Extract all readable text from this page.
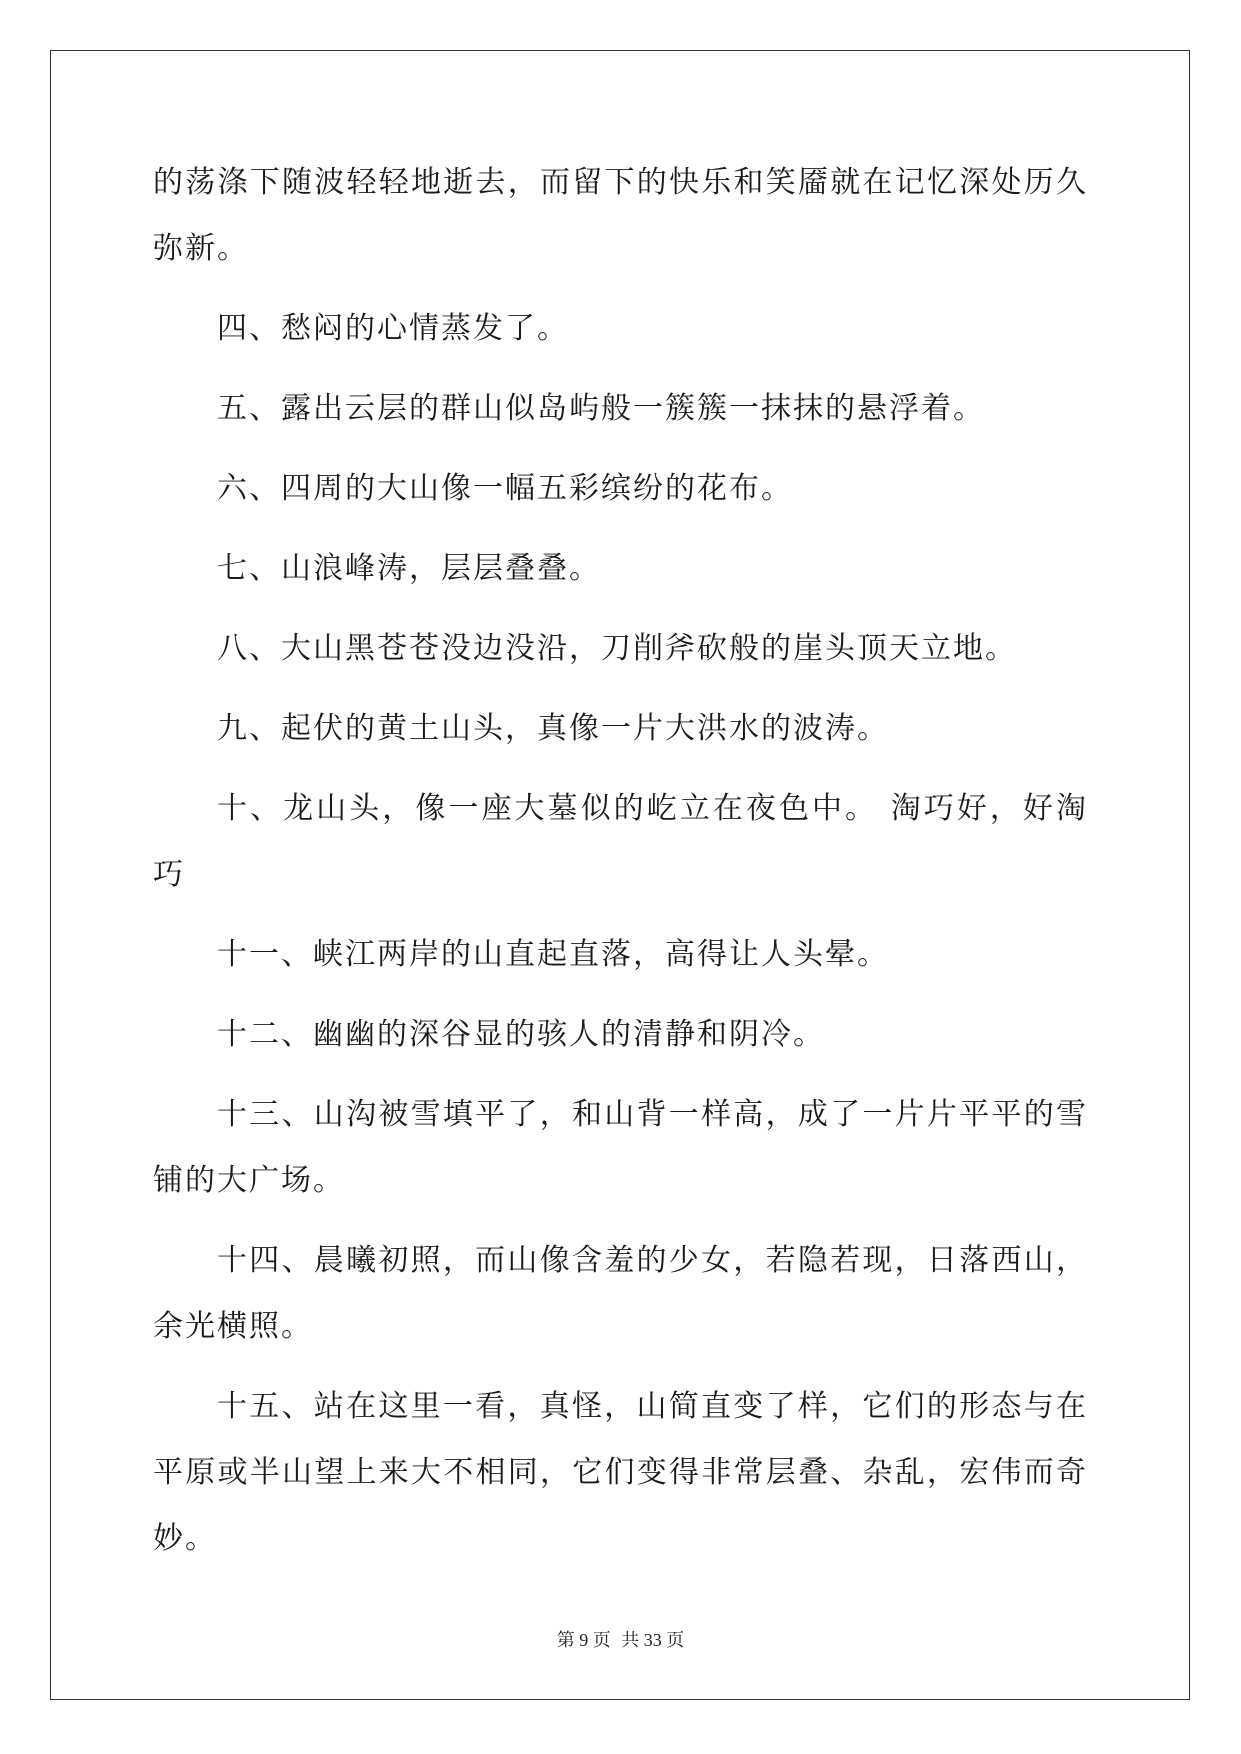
的荡涤下随波轻轻地逝去，而留下的快乐和笑靥就在记忆深处历久弥新。

四、愁闷的心情蒸发了。

五、露出云层的群山似岛屿般一簇簇一抹抹的悬浮着。

六、四周的大山像一幅五彩缤纷的花布。

七、山浪峰涛，层层叠叠。

八、大山黑苍苍没边没沿，刀削斧砍般的崖头顶天立地。

九、起伏的黄土山头，真像一片大洪水的波涛。

十、龙山头，像一座大墓似的屹立在夜色中。 淘巧好，好淘巧

十一、峡江两岸的山直起直落，高得让人头晕。

十二、幽幽的深谷显的骇人的清静和阴冷。

十三、山沟被雪填平了，和山背一样高，成了一片片平平的雪铺的大广场。

十四、晨曦初照，而山像含羞的少女，若隐若现，日落西山，余光横照。

十五、站在这里一看，真怪，山简直变了样，它们的形态与在平原或半山望上来大不相同，它们变得非常层叠、杂乱，宏伟而奇妙。

第 9 页 共 33 页
